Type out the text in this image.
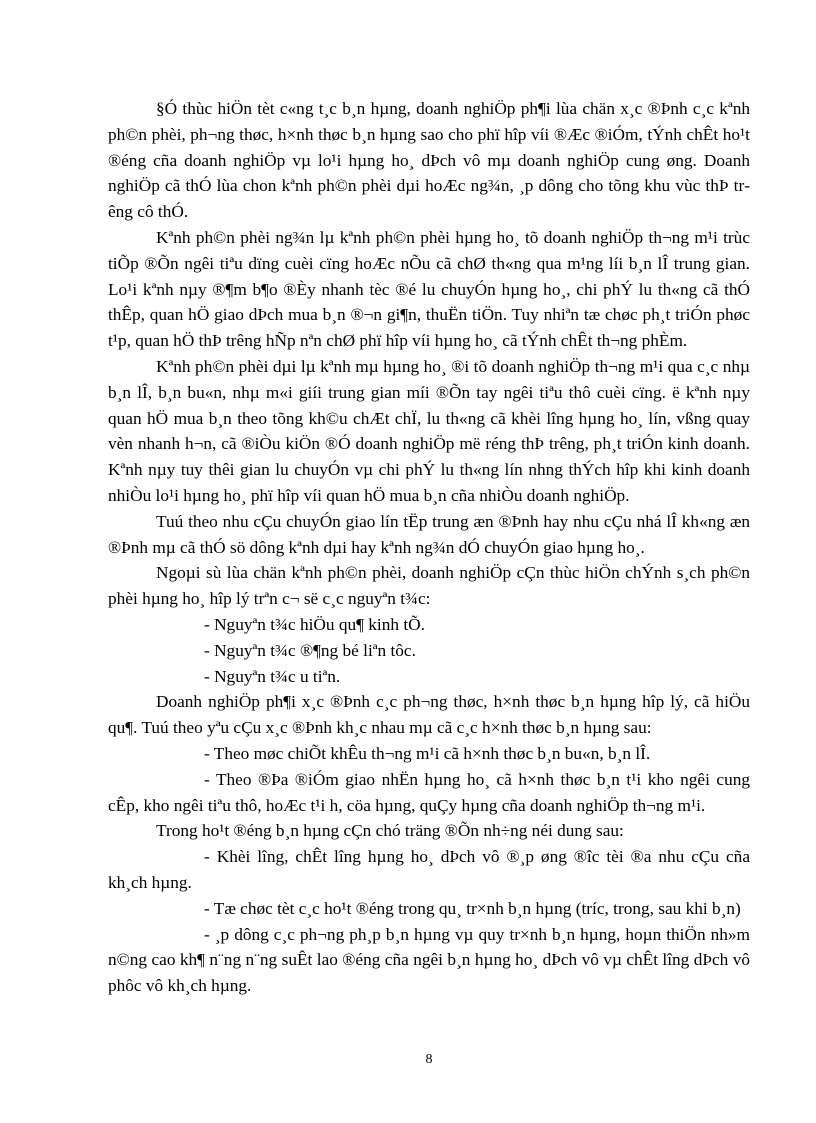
§Ó thùc hiÖn tèt c«ng t¸c b¸n hµng, doanh nghiÖp ph¶i lùa chän x¸c ®Þnh c¸c kªnh ph©n phèi, ph¬ng thøc, h×nh thøc b¸n hµng sao cho phï hîp víi ®Æc ®iÓm, tÝnh chÊt ho¹t ®éng cña doanh nghiÖp vµ lo¹i hµng ho¸ dÞch vô mµ doanh nghiÖp cung øng. Doanh nghiÖp cã thÓ lùa chon kªnh ph©n phèi dµi hoÆc ng¾n, ¸p dông cho tõng khu vùc thÞ trêng cô thÓ.

Kªnh ph©n phèi ng¾n lµ kªnh ph©n phèi hµng ho¸ tõ doanh nghiÖp th¬ng m¹i trùc tiÕp ®Õn ngêi tiªu dïng cuèi cïng hoÆc nÕu cã chØ th«ng qua m¹ng líi b¸n lÎ trung gian. Lo¹i kªnh nµy ®¶m b¶o ®Èy nhanh tèc ®é lu chuyÓn hµng ho¸, chi phÝ lu th«ng cã thÓ thÊp, quan hÖ giao dÞch mua b¸n ®¬n gi¶n, thuËn tiÖn. Tuy nhiªn tæ chøc ph¸t triÓn phøc t¹p, quan hÖ thÞ trêng hÑp nªn chØ phï hîp víi hµng ho¸ cã tÝnh chÊt th¬ng phÈm.

Kªnh ph©n phèi dµi lµ kªnh mµ hµng ho¸ ®i tõ doanh nghiÖp th¬ng m¹i qua c¸c nhµ b¸n lÎ, b¸n bu«n, nhµ m«i giíi trung gian míi ®Õn tay ngêi tiªu thô cuèi cïng. ë kªnh nµy quan hÖ mua b¸n theo tõng kh©u chÆt chÏ, lu th«ng cã khèi lîng hµng ho¸ lín, vßng quay vèn nhanh h¬n, cã ®iÒu kiÖn ®Ó doanh nghiÖp më réng thÞ trêng, ph¸t triÓn kinh doanh. Kªnh nµy tuy thêi gian lu chuyÓn vµ chi phÝ lu th«ng lín nhng thÝch hîp khi kinh doanh nhiÒu lo¹i hµng ho¸ phï hîp víi quan hÖ mua b¸n cña nhiÒu doanh nghiÖp.

Tuú theo nhu cÇu chuyÓn giao lín tËp trung æn ®Þnh hay nhu cÇu nhá lÎ kh«ng æn ®Þnh mµ cã thÓ sö dông kªnh dµi hay kªnh ng¾n dÓ chuyÓn giao hµng ho¸.

Ngoµi sù lùa chän kªnh ph©n phèi, doanh nghiÖp cÇn thùc hiÖn chÝnh s¸ch ph©n phèi hµng ho¸ hîp lý trªn c¬ së c¸c nguyªn t¾c:

- Nguyªn t¾c hiÖu qu¶ kinh tÕ.

- Nguyªn t¾c ®¶ng bé liªn tôc.

- Nguyªn t¾c u tiªn.

Doanh nghiÖp ph¶i x¸c ®Þnh c¸c ph¬ng thøc, h×nh thøc b¸n hµng hîp lý, cã hiÖu qu¶. Tuú theo yªu cÇu x¸c ®Þnh kh¸c nhau mµ cã c¸c h×nh thøc b¸n hµng sau:

- Theo møc chiÕt khÊu th¬ng m¹i cã h×nh thøc b¸n bu«n, b¸n lÎ.

- Theo ®Þa ®iÓm giao nhËn hµng ho¸ cã h×nh thøc b¸n t¹i kho ngêi cung cÊp, kho ngêi tiªu thô, hoÆc t¹i h, cöa hµng, quÇy hµng cña doanh nghiÖp th¬ng m¹i.

Trong ho¹t ®éng b¸n hµng cÇn chó träng ®Õn nh÷ng néi dung sau:

- Khèi lîng, chÊt lîng hµng ho¸ dÞch vô ®¸p øng ®îc tèi ®a nhu cÇu cña kh¸ch hµng.

- Tæ chøc tèt c¸c ho¹t ®éng trong qu¸ tr×nh b¸n hµng (tríc, trong, sau khi b¸n)

- ¸p dông c¸c ph¬ng ph¸p b¸n hµng vµ quy tr×nh b¸n hµng, hoµn thiÖn nh»m n©ng cao kh¶ n¨ng n¨ng suÊt lao ®éng cña ngêi b¸n hµng ho¸ dÞch vô vµ chÊt lîng dÞch vô phôc vô kh¸ch hµng.

8
